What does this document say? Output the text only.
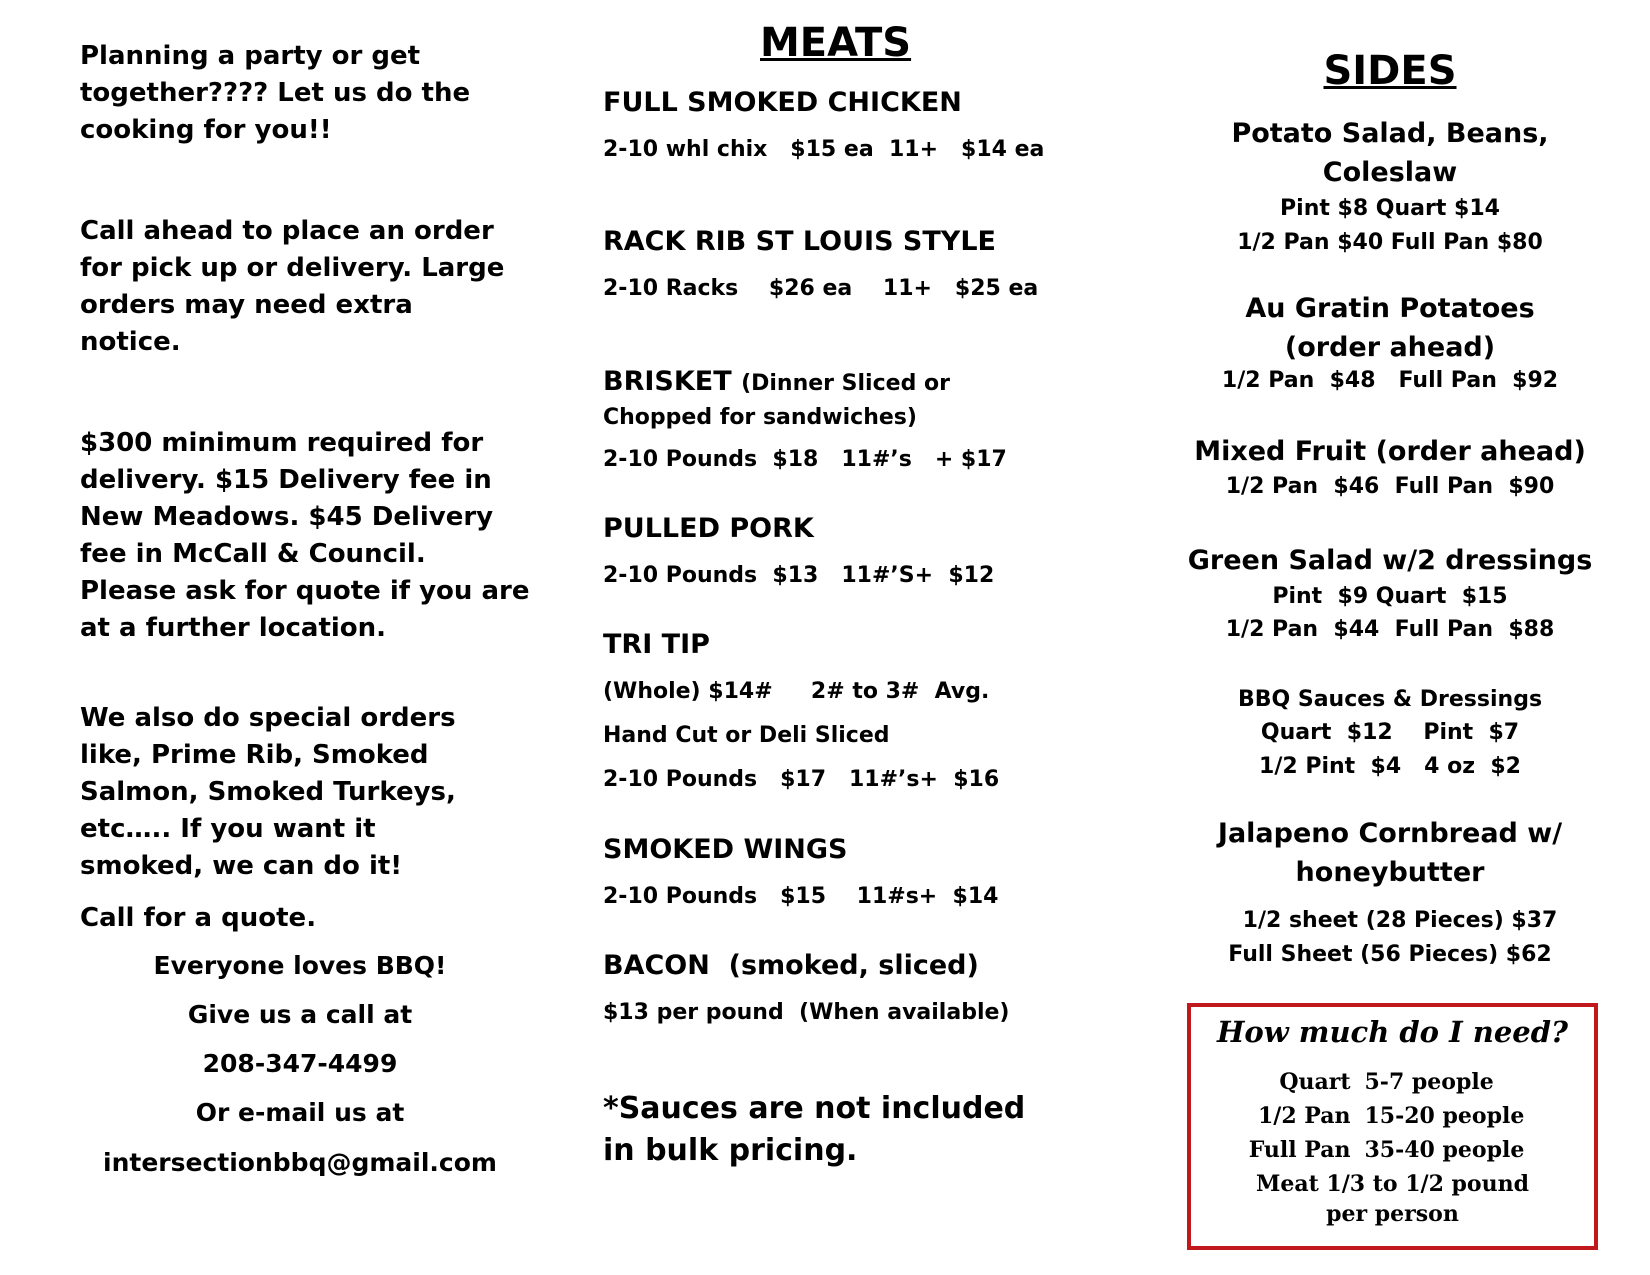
Planning a party or get together???? Let us do the cooking for you!!

Call ahead to place an order for pick up or delivery. Large orders may need extra notice.

$300 minimum required for delivery. $15 Delivery fee in New Meadows. $45 Delivery fee in McCall & Council. Please ask for quote if you are at a further location.

We also do special orders like, Prime Rib, Smoked Salmon, Smoked Turkeys, etc….. If you want it smoked, we can do it!

Call for a quote.
Everyone loves BBQ!
Give us a call at
208-347-4499
Or e-mail us at
intersectionbbq@gmail.com
MEATS
FULL SMOKED CHICKEN
2-10 whl chix   $15 ea  11+   $14 ea
RACK RIB ST LOUIS STYLE
2-10 Racks    $26 ea    11+   $25 ea
BRISKET (Dinner Sliced or
Chopped for sandwiches)
2-10 Pounds  $18   11#’s   + $17
PULLED PORK
2-10 Pounds  $13   11#’S+  $12
TRI TIP
(Whole) $14#     2# to 3#  Avg.
Hand Cut or Deli Sliced
2-10 Pounds   $17   11#’s+  $16
SMOKED WINGS
2-10 Pounds   $15    11#s+  $14
BACON  (smoked, sliced)
$13 per pound  (When available)
*Sauces are not included
in bulk pricing.
SIDES
Potato Salad, Beans,
Coleslaw
Pint $8 Quart $14
1/2 Pan $40 Full Pan $80
Au Gratin Potatoes
(order ahead)
1/2 Pan  $48   Full Pan  $92
Mixed Fruit (order ahead)
1/2 Pan  $46  Full Pan  $90
Green Salad w/2 dressings
Pint  $9 Quart  $15
1/2 Pan  $44  Full Pan  $88
BBQ Sauces & Dressings
Quart  $12    Pint  $7
1/2 Pint  $4   4 oz  $2
Jalapeno Cornbread w/
honeybutter
1/2 sheet (28 Pieces) $37
Full Sheet (56 Pieces) $62
How much do I need?
Quart 5-7 people
1/2 Pan 15-20 people
Full Pan 35-40 people
Meat 1/3 to 1/2 pound
per person
